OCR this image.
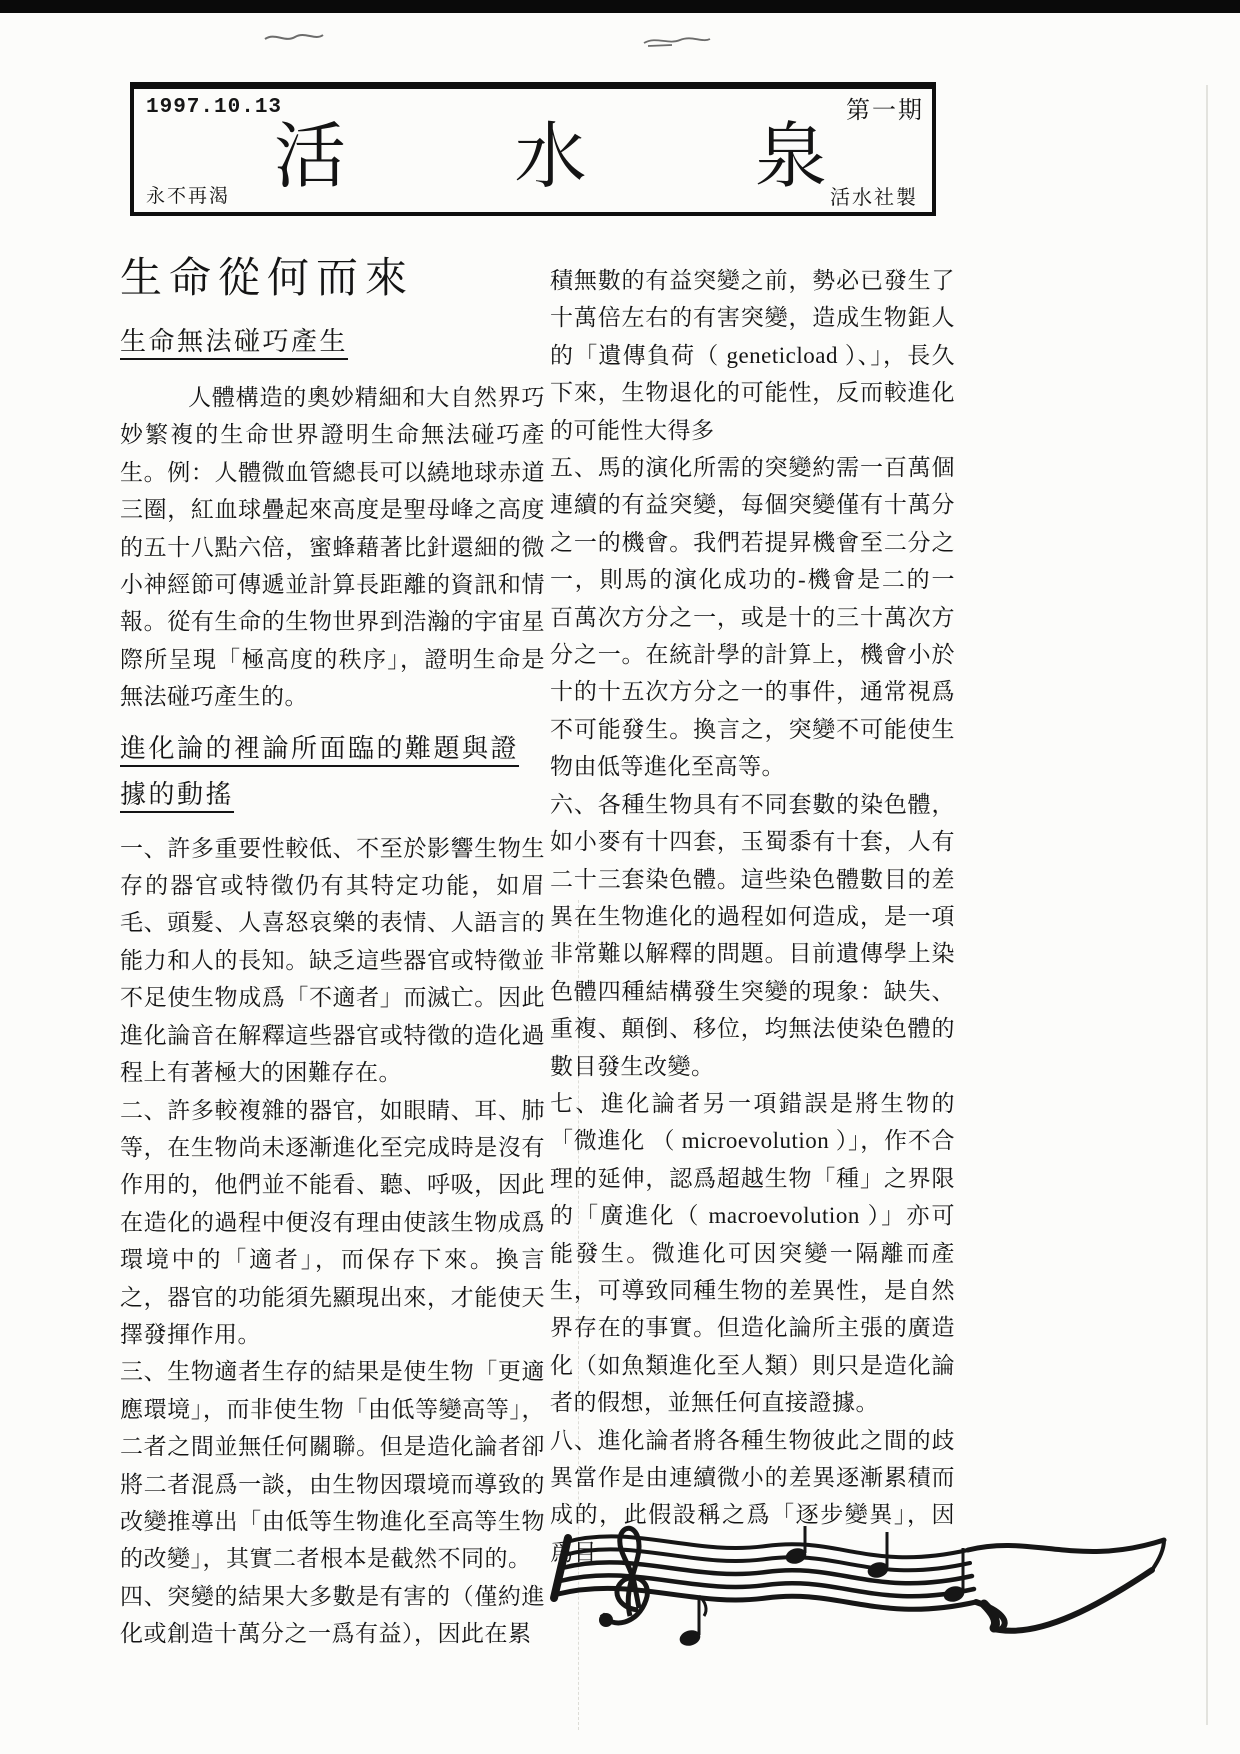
1997.10.13	第一期
活 水 泉
永不再渴	活水社製
生命從何而來
生命無法碰巧產生

人體構造的奧妙精細和大自然界巧妙繁複的生命世界證明生命無法碰巧產生。例：人體微血管總長可以繞地球赤道三圈，紅血球疊起來高度是聖母峰之高度的五十八點六倍，蜜蜂藉著比針還細的微小神經節可傳遞並計算長距離的資訊和情報。從有生命的生物世界到浩瀚的宇宙星際所呈現「極高度的秩序」，證明生命是無法碰巧產生的。

進化論的裡論所面臨的難題與證據的動搖

一、許多重要性較低、不至於影響生物生存的器官或特徵仍有其特定功能，如眉毛、頭髮、人喜怒哀樂的表情、人語言的能力和人的長知。缺乏這些器官或特徵並不足使生物成爲「不適者」而滅亡。因此進化論音在解釋這些器官或特徵的造化過程上有著極大的困難存在。

二、許多較複雜的器官，如眼睛、耳、肺等，在生物尚未逐漸進化至完成時是沒有作用的，他們並不能看、聽、呼吸，因此在造化的過程中便沒有理由使該生物成爲環境中的「適者」，而保存下來。換言之，器官的功能須先顯現出來，才能使天擇發揮作用。

三、生物適者生存的結果是使生物「更適應環境」，而非使生物「由低等變高等」，二者之間並無任何關聯。但是造化論者卻將二者混爲一談，由生物因環境而導致的改變推導出「由低等生物進化至高等生物的改變」，其實二者根本是截然不同的。

四、突變的結果大多數是有害的（僅約進化或創造十萬分之一爲有益），因此在累

積無數的有益突變之前，勢必已發生了十萬倍左右的有害突變，造成生物鉅人的「遺傳負荷（ geneticload ）、」，長久下來，生物退化的可能性，反而較進化的可能性大得多

五、馬的演化所需的突變約需一百萬個連續的有益突變，每個突變僅有十萬分之一的機會。我們若提昇機會至二分之一，則馬的演化成功的-機會是二的一百萬次方分之一，或是十的三十萬次方分之一。在統計學的計算上，機會小於十的十五次方分之一的事件，通常視爲不可能發生。換言之，突變不可能使生物由低等進化至高等。

六、各種生物具有不同套數的染色體，如小麥有十四套，玉蜀黍有十套，人有二十三套染色體。這些染色體數目的差異在生物進化的過程如何造成，是一項非常難以解釋的問題。目前遺傳學上染色體四種結構發生突變的現象：缺失、重複、顛倒、移位，均無法使染色體的數目發生改變。

七、進化論者另一項錯誤是將生物的「微進化 （ microevolution ）」，作不合理的延伸，認爲超越生物「種」之界限的「廣進化（ macroevolution ）」亦可能發生。微進化可因突變一隔離而產生，可導致同種生物的差異性，是自然界存在的事實。但造化論所主張的廣造化（如魚類進化至人類）則只是造化論者的假想，並無任何直接證據。

八、進化論者將各種生物彼此之間的歧異當作是由連續微小的差異逐漸累積而成的，此假設稱之爲「逐步變異」，因爲目
